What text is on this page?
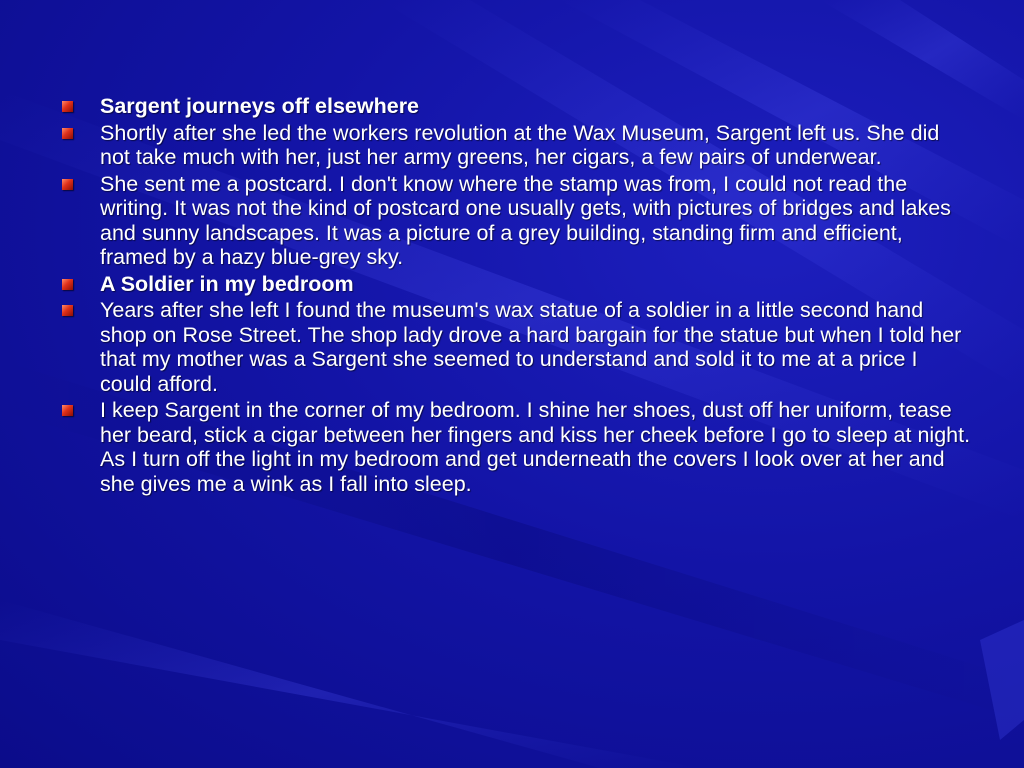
Sargent journeys off elsewhere
Shortly after she led the workers revolution at the Wax Museum, Sargent left us. She did not take much with her, just her army greens, her cigars, a few pairs of underwear.
She sent me a postcard. I don't know where the stamp was from, I could not read the writing. It was not the kind of postcard one usually gets, with pictures of bridges and lakes and sunny landscapes. It was a picture of a grey building, standing firm and efficient, framed by a hazy blue-grey sky.
A Soldier in my bedroom
Years after she left I found the museum's wax statue of a soldier in a little second hand shop on Rose Street. The shop lady drove a hard bargain for the statue but when I told her that my mother was a Sargent she seemed to understand and sold it to me at a price I could afford.
I keep Sargent in the corner of my bedroom. I shine her shoes, dust off her uniform, tease her beard, stick a cigar between her fingers and kiss her cheek before I go to sleep at night. As I turn off the light in my bedroom and get underneath the covers I look over at her and she gives me a wink as I fall into sleep.
